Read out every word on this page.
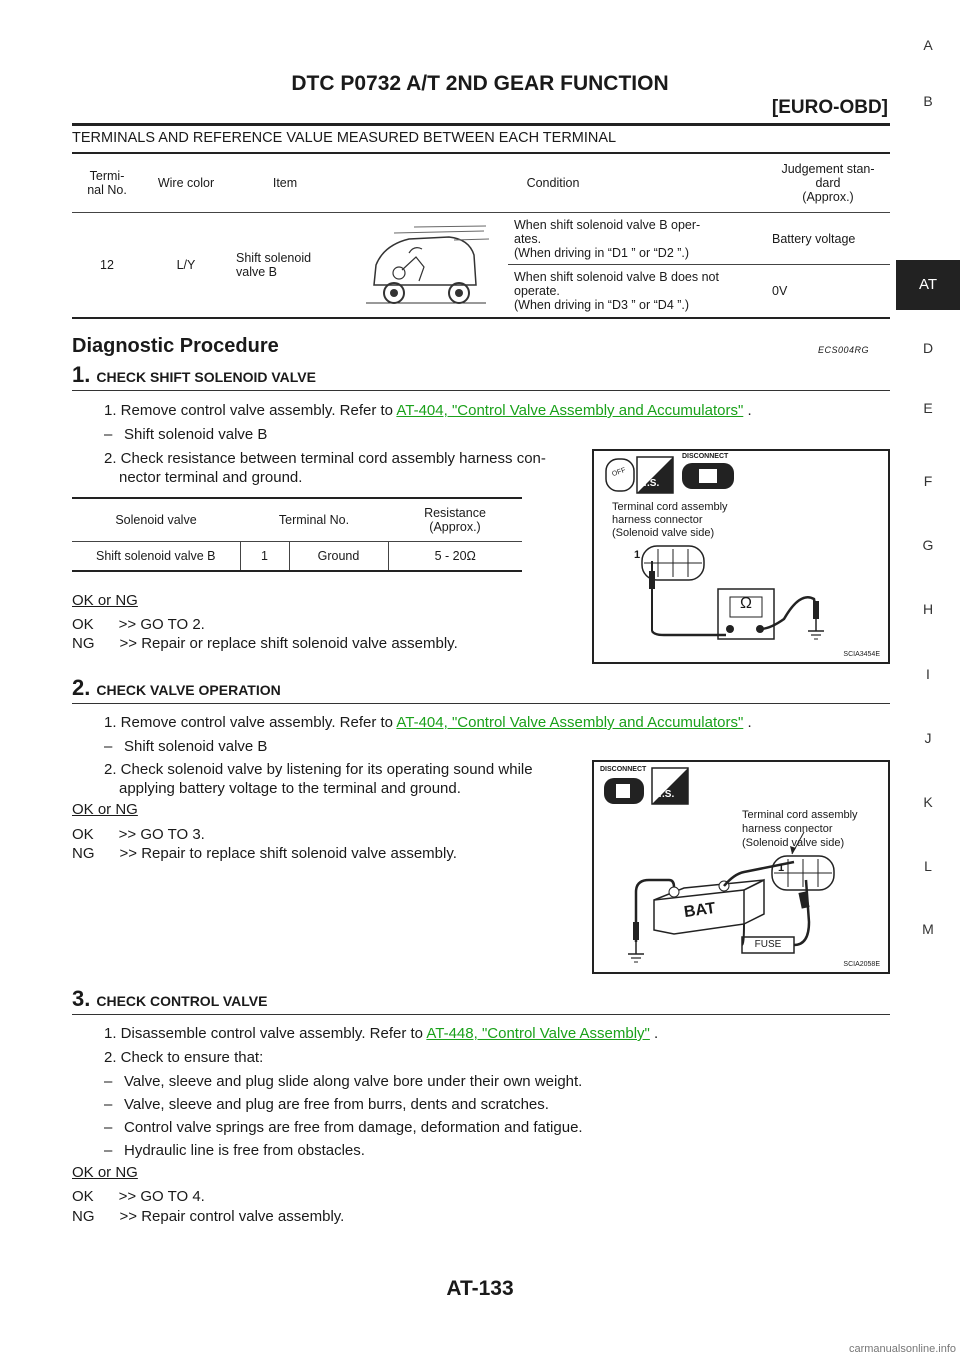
DTC P0732 A/T 2ND GEAR FUNCTION
[EURO-OBD]
TERMINALS AND REFERENCE VALUE MEASURED BETWEEN EACH TERMINAL
Termi-
nal No.	Wire color	Item	Condition		Judgement stan-
dard
(Approx.)
12	L/Y	Shift solenoid
valve B		When shift solenoid valve B oper-
ates.
(When driving in “D1 ” or “D2 ”.)	Battery voltage
				When shift solenoid valve B does not
operate.
(When driving in “D3 ” or “D4 ”.)	0V
Diagnostic Procedure	ECS004RG
1. CHECK SHIFT SOLENOID VALVE
1. Remove control valve assembly. Refer to AT-404, "Control Valve Assembly and Accumulators" .
– Shift solenoid valve B
2. Check resistance between terminal cord assembly harness con-
nector terminal and ground.
Solenoid valve	Terminal No.		Resistance
(Approx.)
Shift solenoid valve B	1	Ground	5 - 20Ω
OK or NG
OK      >> GO TO 2.
NG      >> Repair or replace shift solenoid valve assembly.
DISCONNECT
OFF
T.S.
Terminal cord assembly
harness connector
(Solenoid valve side)
1
Ω
SCIA3454E
2. CHECK VALVE OPERATION
1. Remove control valve assembly. Refer to AT-404, "Control Valve Assembly and Accumulators" .
– Shift solenoid valve B
2. Check solenoid valve by listening for its operating sound while
applying battery voltage to the terminal and ground.
OK or NG
OK      >> GO TO 3.
NG      >> Repair to replace shift solenoid valve assembly.
DISCONNECT
T.S.
Terminal cord assembly
harness connector
(Solenoid valve side)
1
BAT
FUSE
SCIA2058E
3. CHECK CONTROL VALVE
1. Disassemble control valve assembly. Refer to AT-448, "Control Valve Assembly" .
2. Check to ensure that:
– Valve, sleeve and plug slide along valve bore under their own weight.
– Valve, sleeve and plug are free from burrs, dents and scratches.
– Control valve springs are free from damage, deformation and fatigue.
– Hydraulic line is free from obstacles.
OK or NG
OK      >> GO TO 4.
NG      >> Repair control valve assembly.
A
B
AT
D
E
F
G
H
I
J
K
L
M
AT-133
carmanualsonline.info
